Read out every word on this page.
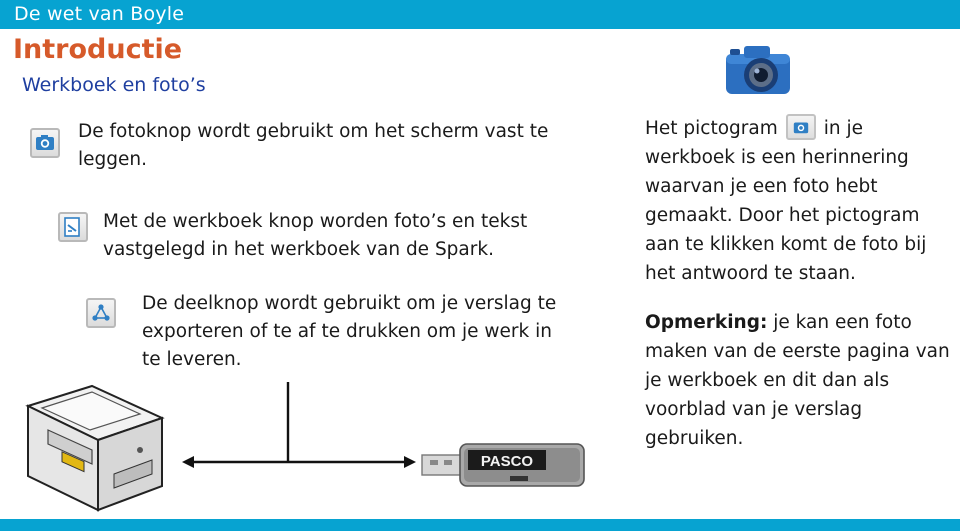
De wet van Boyle
Introductie
Werkboek en foto’s
De fotoknop wordt gebruikt om het scherm vast te leggen.
Met de werkboek knop worden foto’s en tekst vastgelegd in het werkboek van de Spark.
De deelknop wordt gebruikt om je verslag te exporteren of te af te drukken om je werk in te leveren.
Het pictogram in je werkboek is een herinnering waarvan je een foto hebt gemaakt. Door het pictogram aan te klikken komt de foto bij het antwoord te staan.
Opmerking: je kan een foto maken van de eerste pagina van je werkboek en dit dan als voorblad van je verslag gebruiken.
PASCO
